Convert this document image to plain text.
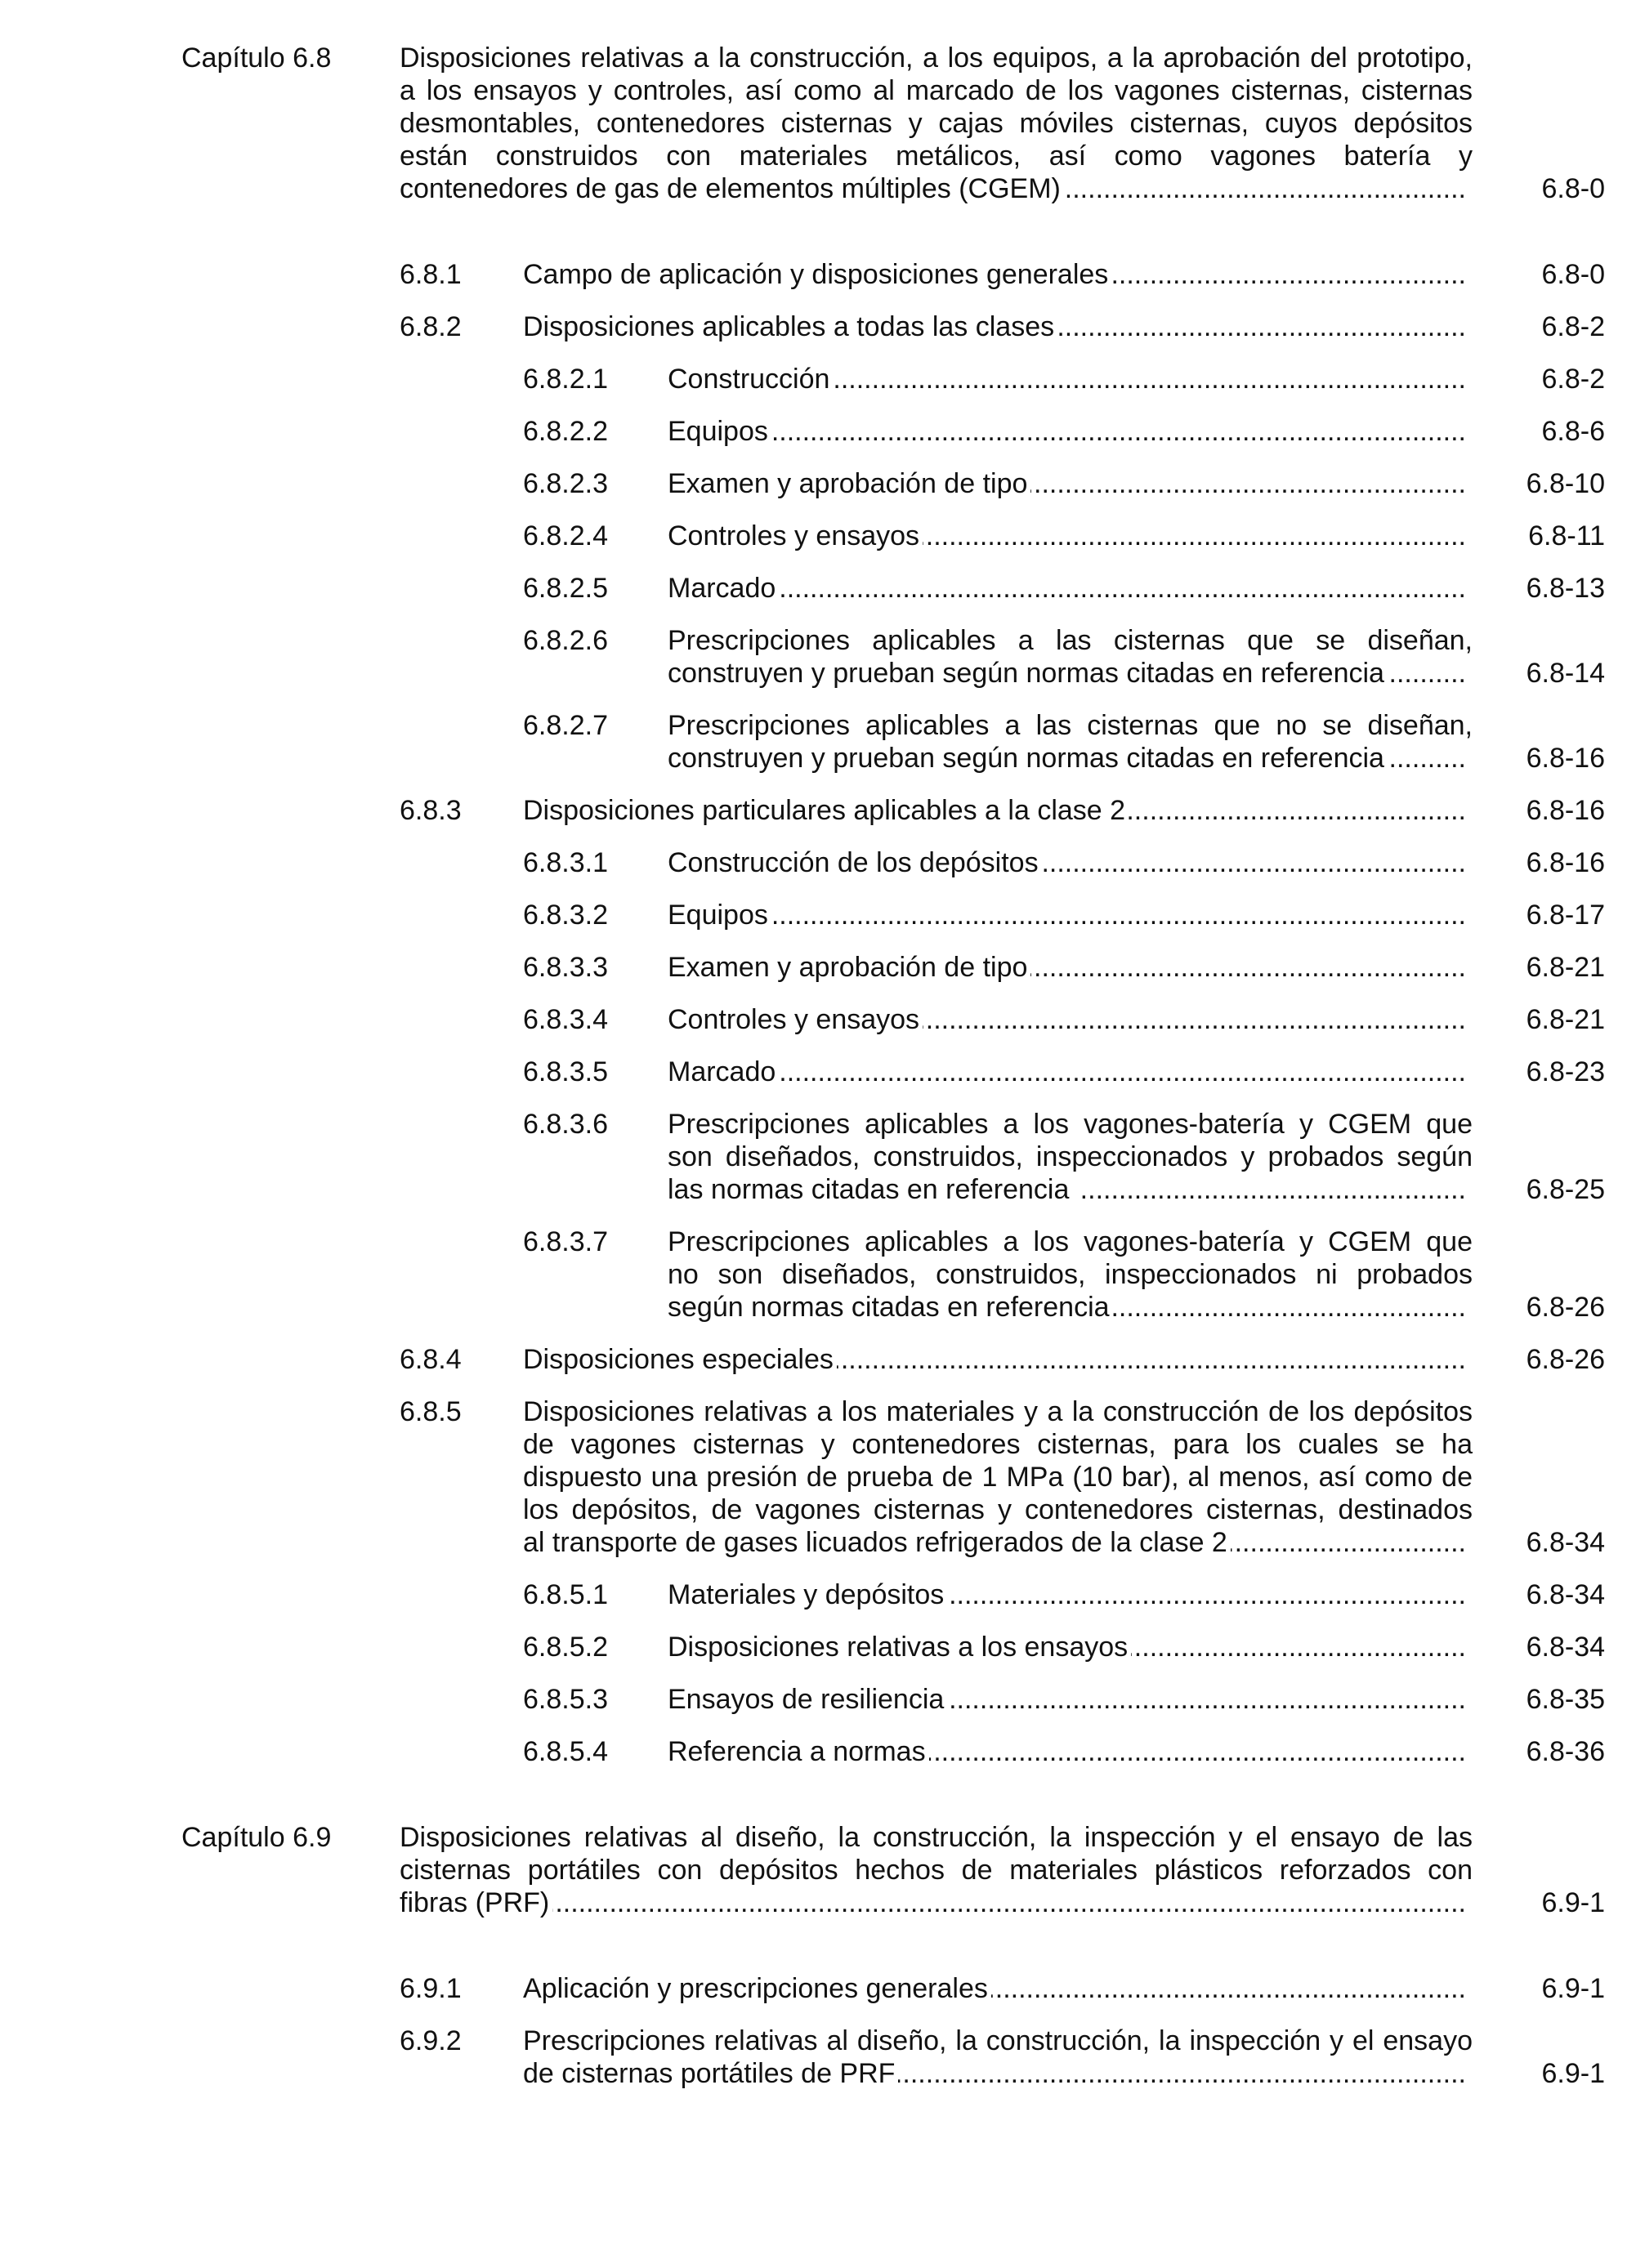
Capítulo 6.8 Disposiciones relativas a la construcción, a los equipos, a la aprobación del prototipo,
a los ensayos y controles, así como al marcado de los vagones cisternas, cisternas
desmontables, contenedores cisternas y cajas móviles cisternas, cuyos depósitos
están construidos con materiales metálicos, así como vagones batería y
..... contenedores de gas de elementos múltiples (CGEM)	6.8-0
6.8.1 ..... Campo de aplicación y disposiciones generales	6.8-0
6.8.2 ..... Disposiciones aplicables a todas las clases	6.8-2
6.8.2.1 ..... Construcción	6.8-2
6.8.2.2 ..... Equipos	6.8-6
6.8.2.3 ..... Examen y aprobación de tipo	6.8-10
6.8.2.4 ..... Controles y ensayos	6.8-11
6.8.2.5 ..... Marcado	6.8-13
6.8.2.6 Prescripciones aplicables a las cisternas que se diseñan,
..... construyen y prueban según normas citadas en referencia	6.8-14
6.8.2.7 Prescripciones aplicables a las cisternas que no se diseñan,
..... construyen y prueban según normas citadas en referencia	6.8-16
6.8.3 ..... Disposiciones particulares aplicables a la clase 2	6.8-16
6.8.3.1 ..... Construcción de los depósitos	6.8-16
6.8.3.2 ..... Equipos	6.8-17
6.8.3.3 ..... Examen y aprobación de tipo	6.8-21
6.8.3.4 ..... Controles y ensayos	6.8-21
6.8.3.5 ..... Marcado	6.8-23
6.8.3.6 Prescripciones aplicables a los vagones-batería y CGEM que
son diseñados, construidos, inspeccionados y probados según
..... las normas citadas en referencia	6.8-25
6.8.3.7 Prescripciones aplicables a los vagones-batería y CGEM que
no son diseñados, construidos, inspeccionados ni probados
..... según normas citadas en referencia	6.8-26
6.8.4 ..... Disposiciones especiales	6.8-26
6.8.5 Disposiciones relativas a los materiales y a la construcción de los depósitos
de vagones cisternas y contenedores cisternas, para los cuales se ha
dispuesto una presión de prueba de 1 MPa (10 bar), al menos, así como de
los depósitos, de vagones cisternas y contenedores cisternas, destinados
..... al transporte de gases licuados refrigerados de la clase 2	6.8-34
6.8.5.1 ..... Materiales y depósitos	6.8-34
6.8.5.2 ..... Disposiciones relativas a los ensayos	6.8-34
6.8.5.3 ..... Ensayos de resiliencia	6.8-35
6.8.5.4 ..... Referencia a normas	6.8-36
Capítulo 6.9 Disposiciones relativas al diseño, la construcción, la inspección y el ensayo de las
cisternas portátiles con depósitos hechos de materiales plásticos reforzados con
..... fibras (PRF)	6.9-1
6.9.1 ..... Aplicación y prescripciones generales	6.9-1
6.9.2 Prescripciones relativas al diseño, la construcción, la inspección y el ensayo
..... de cisternas portátiles de PRF	6.9-1
